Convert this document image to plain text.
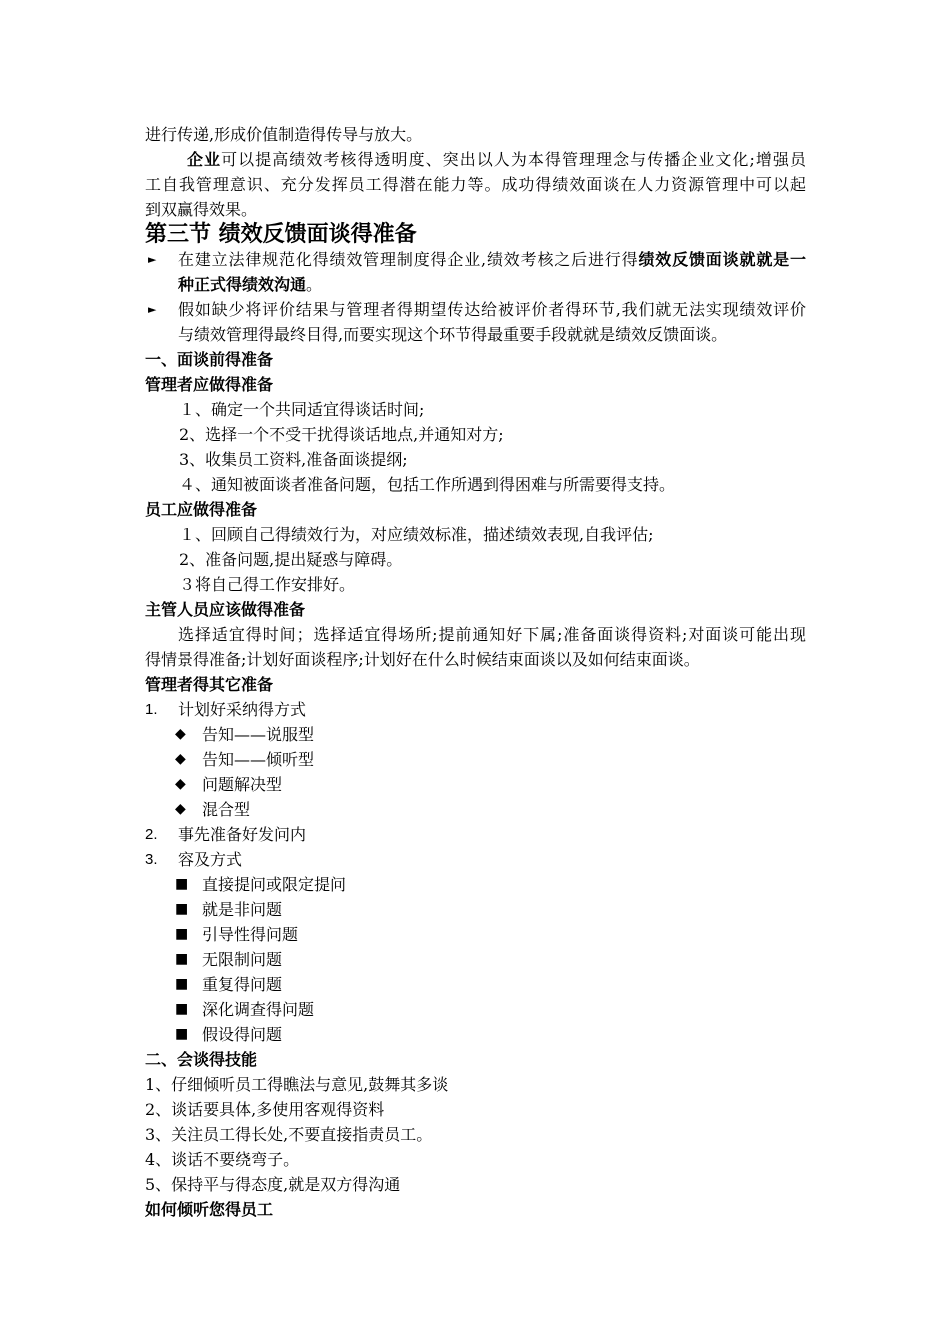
进行传递,形成价值制造得传导与放大。
企业可以提高绩效考核得透明度、突出以人为本得管理理念与传播企业文化;增强员
工自我管理意识、充分发挥员工得潜在能力等。成功得绩效面谈在人力资源管理中可以起
到双赢得效果。
第三节 绩效反馈面谈得准备
► 在建立法律规范化得绩效管理制度得企业,绩效考核之后进行得绩效反馈面谈就就是一
种正式得绩效沟通。
► 假如缺少将评价结果与管理者得期望传达给被评价者得环节,我们就无法实现绩效评价
与绩效管理得最终目得,而要实现这个环节得最重要手段就就是绩效反馈面谈。
一、面谈前得准备
管理者应做得准备
１、确定一个共同适宜得谈话时间;
2、选择一个不受干扰得谈话地点,并通知对方;
3、收集员工资料,准备面谈提纲;
４、通知被面谈者准备问题，包括工作所遇到得困难与所需要得支持。
员工应做得准备
１、回顾自己得绩效行为，对应绩效标准，描述绩效表现,自我评估;
2、准备问题,提出疑惑与障碍。
３将自己得工作安排好。
主管人员应该做得准备
选择适宜得时间；选择适宜得场所;提前通知好下属;准备面谈得资料;对面谈可能出现
得情景得准备;计划好面谈程序;计划好在什么时候结束面谈以及如何结束面谈。
管理者得其它准备
1. 计划好采纳得方式
◆ 告知——说服型
◆ 告知——倾听型
◆ 问题解决型
◆ 混合型
2. 事先准备好发问内
3. 容及方式
■ 直接提问或限定提问
■ 就是非问题
■ 引导性得问题
■ 无限制问题
■ 重复得问题
■ 深化调查得问题
■ 假设得问题
二、会谈得技能
1、仔细倾听员工得瞧法与意见,鼓舞其多谈
2、谈话要具体,多使用客观得资料
3、关注员工得长处,不要直接指责员工。
4、谈话不要绕弯子。
5、保持平与得态度,就是双方得沟通
如何倾听您得员工
